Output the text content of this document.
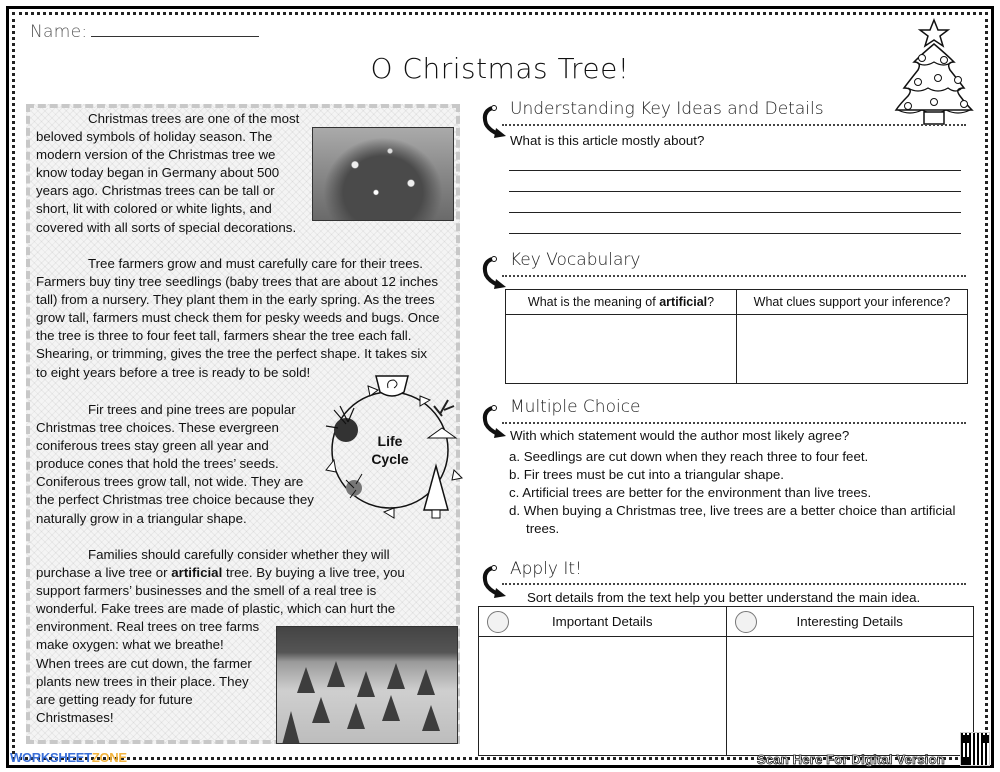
Name:
O Christmas Tree!
Christmas trees are one of the most
beloved symbols of holiday season. The
modern version of the Christmas tree we
know today began in Germany about 500
years ago. Christmas trees can be tall or
short, lit with colored or white lights, and
covered with all sorts of special decorations.
Tree farmers grow and must carefully care for their trees.
Farmers buy tiny tree seedlings (baby trees that are about 12 inches
tall) from a nursery. They plant them in the early spring. As the trees
grow tall, farmers must check them for pesky weeds and bugs. Once
the tree is three to four feet tall, farmers shear the tree each fall.
Shearing, or trimming, gives the tree the perfect shape. It takes six
to eight years before a tree is ready to be sold!
Fir trees and pine trees are popular
Christmas tree choices. These evergreen
coniferous trees stay green all year and
produce cones that hold the trees’ seeds.
Coniferous trees grow tall, not wide. They are
the perfect Christmas tree choice because they
naturally grow in a triangular shape.
Life
Cycle
Families should carefully consider whether they will
purchase a live tree or artificial tree. By buying a live tree, you
support farmers’ businesses and the smell of a real tree is
wonderful. Fake trees are made of plastic, which can hurt the
environment. Real trees on tree farms
make oxygen: what we breathe!
When trees are cut down, the farmer
plants new trees in their place. They
are getting ready for future
Christmases!
Understanding Key Ideas and Details
What is this article mostly about?
Key Vocabulary
What is the meaning of artificial?	What clues support your inference?

Multiple Choice
With which statement would the author most likely agree?
a. Seedlings are cut down when they reach three to four feet.
b. Fir trees must be cut into a triangular shape.
c. Artificial trees are better for the environment than live trees.
d. When buying a Christmas tree, live trees are a better choice than artificial
trees.
Apply It!
Sort details from the text help you better understand the main idea.
Important Details	Interesting Details

WORKSHEETZONE	Scan Here For Digital Version
